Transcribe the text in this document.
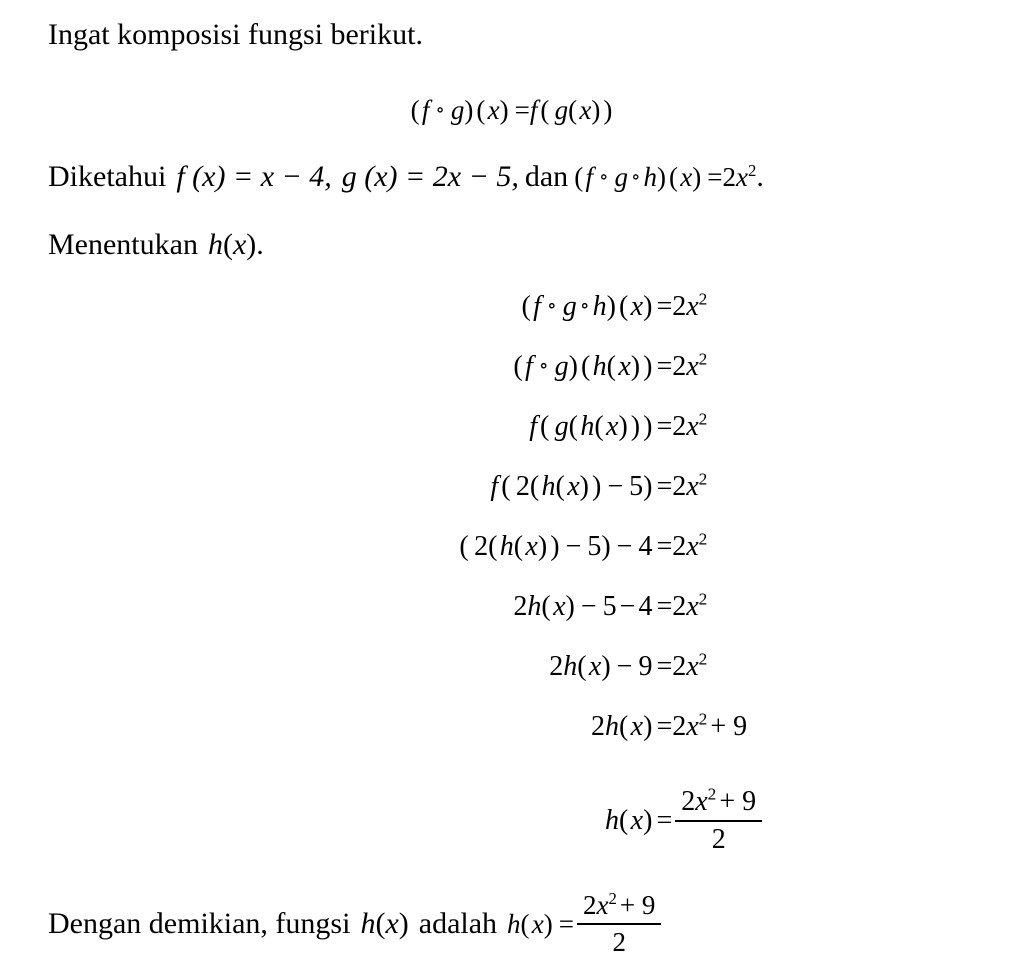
Ingat komposisi fungsi berikut.
( f ∘ g) ( x) =f ( g( x) )
Diketahui f (x) = x − 4, g (x) = 2x − 5, dan ( f ∘ g ∘ h) ( $x) =2x^2$.
Menentukan h(x).
( f ∘ g ∘ h) ( $x) =2x^2$
( f ∘ g) ( h( x) ) $=2x^2$
f ( g( h( x) ) ) $=2x^2$
f ( 2( h( x) ) − $5) =2x^2$
( 2( h( x) ) − $5) - 4 =2x^2$
2h( $x) - 5 - 4 =2x^2$
2h( $x) - 9 =2x^2$
2h( $x) =2x^2 + 9$
h( $x) = \frac{2x^2 + 9}{2}$
Dengan demikian, fungsi h(x) adalah h (  x ) = $\frac{2x^2 + 9}{2}$
